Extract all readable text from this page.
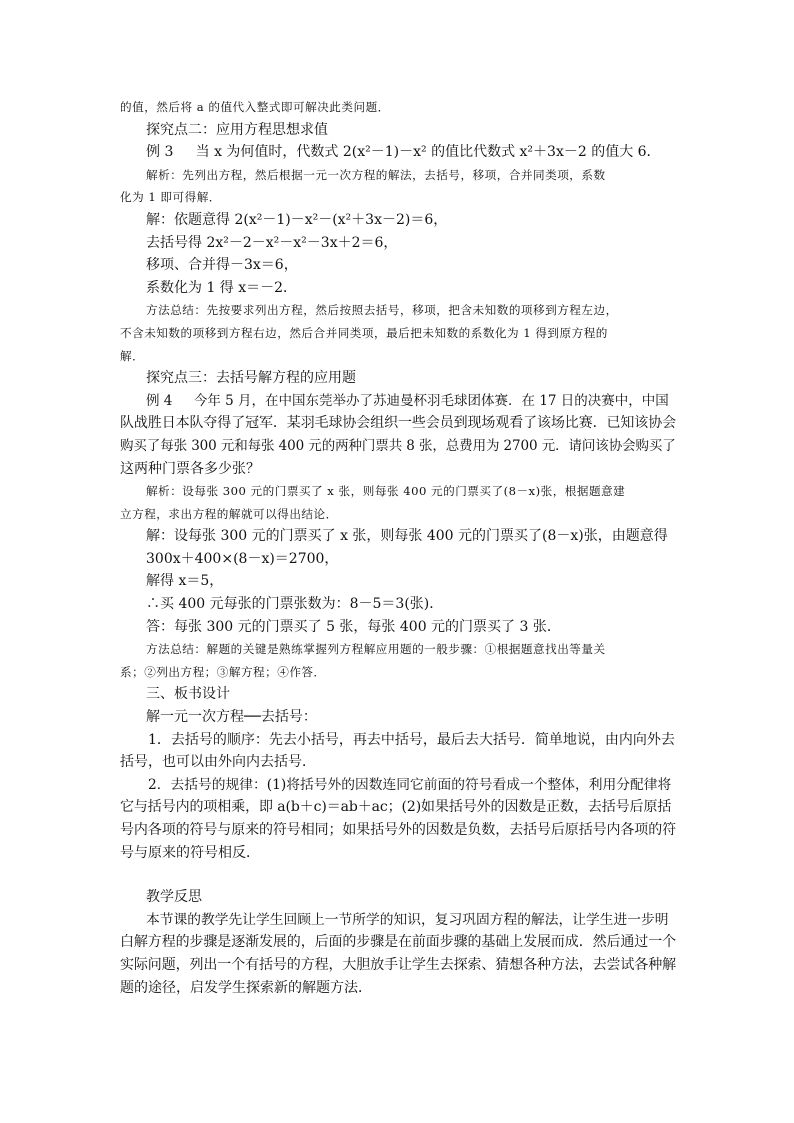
的值，然后将 a 的值代入整式即可解决此类问题．
探究点二：应用方程思想求值
例 3 当 x 为何值时，代数式 2(x²－1)－x² 的值比代数式 x²＋3x－2 的值大 6．
解析：先列出方程，然后根据一元一次方程的解法，去括号，移项，合并同类项，系数
化为 1 即可得解．
解：依题意得 2(x²－1)－x²－(x²＋3x－2)＝6，
去括号得 2x²－2－x²－x²－3x＋2＝6，
移项、合并得－3x＝6，
系数化为 1 得 x＝－2．
方法总结：先按要求列出方程，然后按照去括号，移项，把含未知数的项移到方程左边，
不含未知数的项移到方程右边，然后合并同类项，最后把未知数的系数化为 1 得到原方程的
解．
探究点三：去括号解方程的应用题
例 4 今年 5 月，在中国东莞举办了苏迪曼杯羽毛球团体赛．在 17 日的决赛中，中国
队战胜日本队夺得了冠军．某羽毛球协会组织一些会员到现场观看了该场比赛．已知该协会
购买了每张 300 元和每张 400 元的两种门票共 8 张，总费用为 2700 元．请问该协会购买了
这两种门票各多少张？
解析：设每张 300 元的门票买了 x 张，则每张 400 元的门票买了(8－x)张，根据题意建
立方程，求出方程的解就可以得出结论．
解：设每张 300 元的门票买了 x 张，则每张 400 元的门票买了(8－x)张，由题意得
300x＋400×(8－x)＝2700，
解得 x＝5，
∴买 400 元每张的门票张数为：8－5＝3(张)．
答：每张 300 元的门票买了 5 张，每张 400 元的门票买了 3 张．
方法总结：解题的关键是熟练掌握列方程解应用题的一般步骤：①根据题意找出等量关
系；②列出方程；③解方程；④作答．
三、板书设计
解一元一次方程──去括号：
1．去括号的顺序：先去小括号，再去中括号，最后去大括号．简单地说，由内向外去
括号，也可以由外向内去括号．
2．去括号的规律：(1)将括号外的因数连同它前面的符号看成一个整体，利用分配律将
它与括号内的项相乘，即 a(b＋c)＝ab＋ac；(2)如果括号外的因数是正数，去括号后原括
号内各项的符号与原来的符号相同；如果括号外的因数是负数，去括号后原括号内各项的符
号与原来的符号相反．
教学反思
本节课的教学先让学生回顾上一节所学的知识，复习巩固方程的解法，让学生进一步明
白解方程的步骤是逐渐发展的，后面的步骤是在前面步骤的基础上发展而成．然后通过一个
实际问题，列出一个有括号的方程，大胆放手让学生去探索、猜想各种方法，去尝试各种解
题的途径，启发学生探索新的解题方法．
